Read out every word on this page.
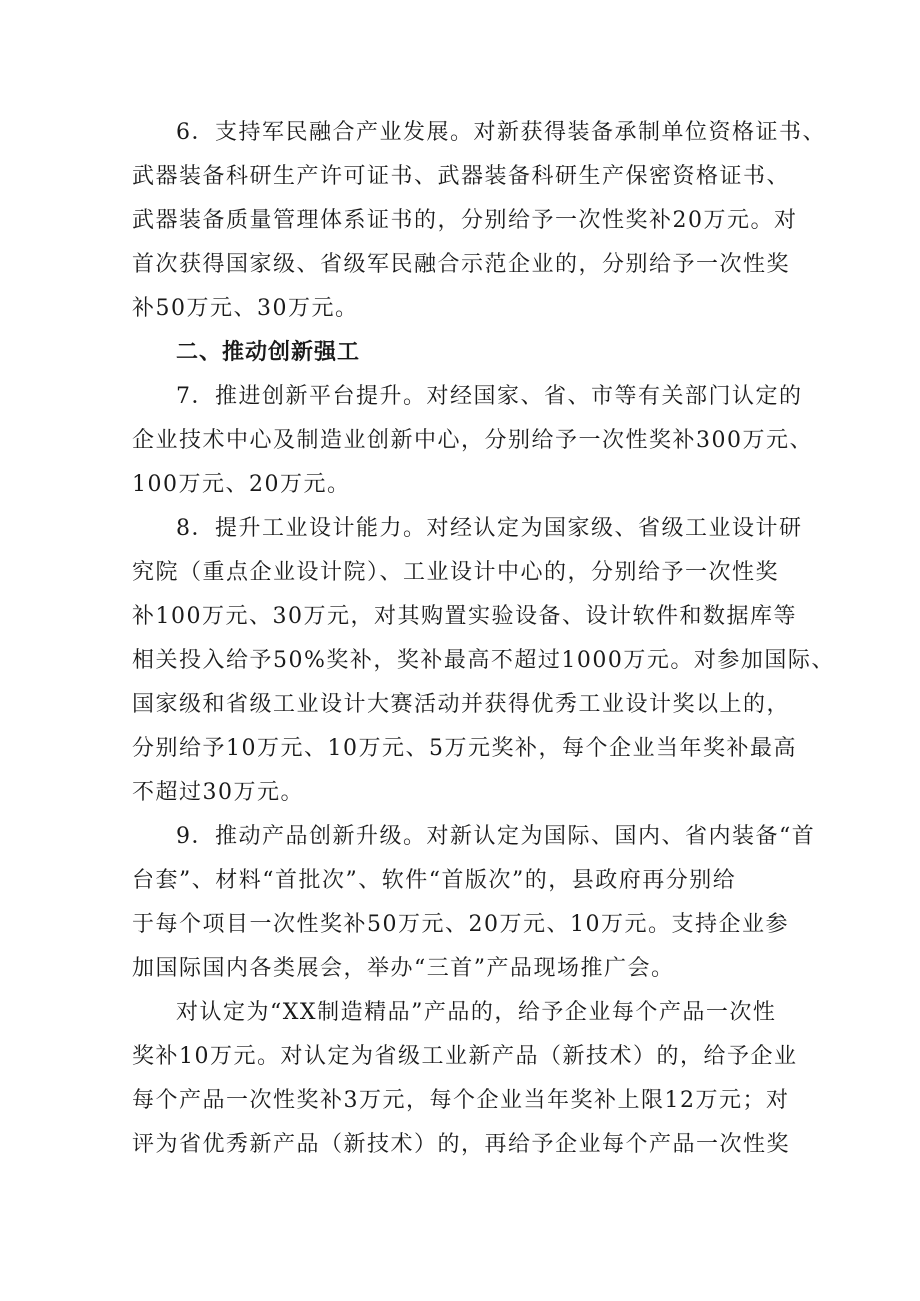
6．支持军民融合产业发展。对新获得装备承制单位资格证书、
武器装备科研生产许可证书、武器装备科研生产保密资格证书、
武器装备质量管理体系证书的，分别给予一次性奖补20万元。对
首次获得国家级、省级军民融合示范企业的，分别给予一次性奖
补50万元、30万元。
二、推动创新强工
7．推进创新平台提升。对经国家、省、市等有关部门认定的
企业技术中心及制造业创新中心，分别给予一次性奖补300万元、
100万元、20万元。
8．提升工业设计能力。对经认定为国家级、省级工业设计研
究院（重点企业设计院）、工业设计中心的，分别给予一次性奖
补100万元、30万元，对其购置实验设备、设计软件和数据库等
相关投入给予50%奖补，奖补最高不超过1000万元。对参加国际、
国家级和省级工业设计大赛活动并获得优秀工业设计奖以上的，
分别给予10万元、10万元、5万元奖补，每个企业当年奖补最高
不超过30万元。
9．推动产品创新升级。对新认定为国际、国内、省内装备“首
台套”、材料“首批次”、软件“首版次”的，县政府再分别给
于每个项目一次性奖补50万元、20万元、10万元。支持企业参
加国际国内各类展会，举办“三首”产品现场推广会。
对认定为“XX制造精品”产品的，给予企业每个产品一次性
奖补10万元。对认定为省级工业新产品（新技术）的，给予企业
每个产品一次性奖补3万元，每个企业当年奖补上限12万元；对
评为省优秀新产品（新技术）的，再给予企业每个产品一次性奖
